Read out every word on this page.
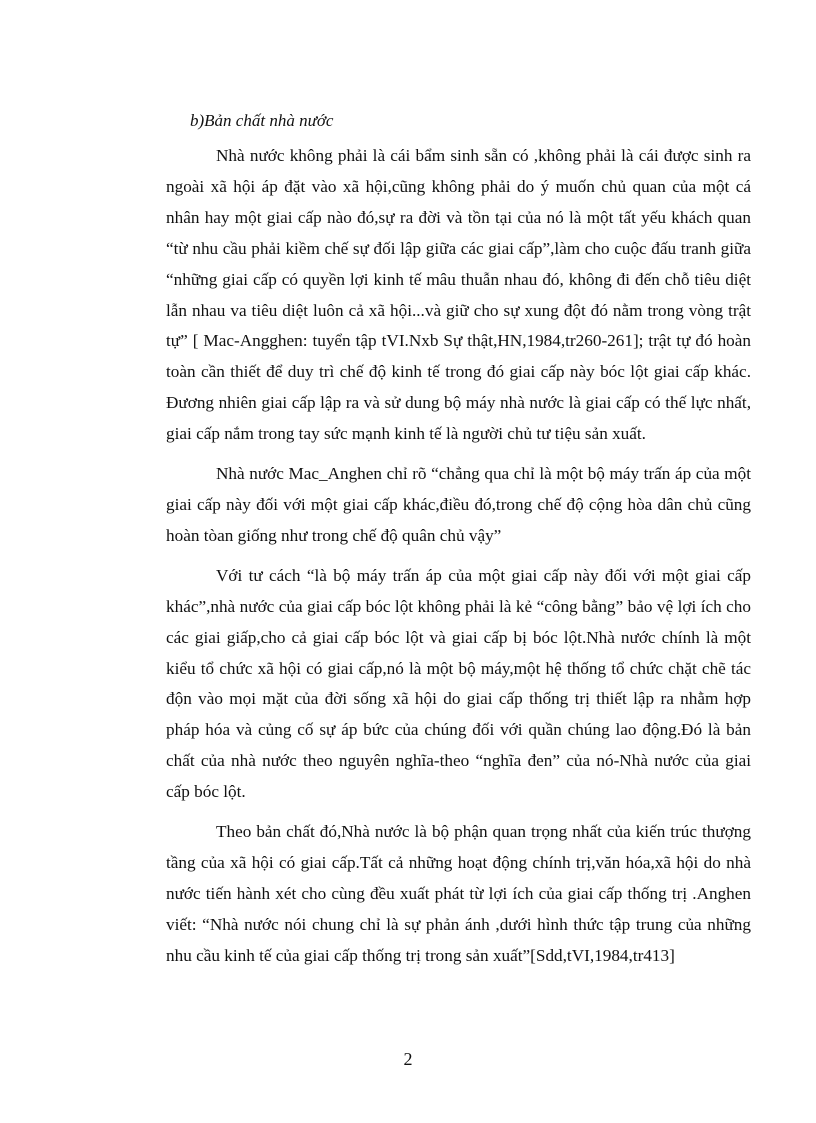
b)Bản chất nhà nước

Nhà nước không phải là cái bẩm sinh sẵn có ,không phải là cái được sinh ra ngoài xã hội áp đặt vào xã hội,cũng không phải do ý muốn chủ quan của một cá nhân hay một giai cấp nào đó,sự ra đời và tồn tại của nó là một tất yếu khách quan “từ nhu cầu phải kiềm chế sự đối lập giữa các giai cấp”,làm cho cuộc đấu tranh giữa “những giai cấp có quyền lợi kinh tế mâu thuẫn nhau đó, không đi đến chỗ tiêu diệt lẫn nhau va tiêu diệt luôn cả xã hội...và giữ cho sự xung đột đó nằm trong vòng trật tự” [ Mac-Angghen: tuyển tập tVI.Nxb Sự thật,HN,1984,tr260-261]; trật tự đó hoàn toàn cần thiết để duy trì chế độ kinh tế trong đó giai cấp này bóc lột giai cấp khác. Đương nhiên giai cấp lập ra và sử dung bộ máy nhà nước là giai cấp có thế lực nhất, giai cấp nắm trong tay sức mạnh kinh tế là người chủ tư tiệu sản xuất.

Nhà nước Mac_Anghen chỉ rõ “chẳng qua chỉ là một bộ máy trấn áp của một giai cấp này đối với một giai cấp khác,điều đó,trong chế độ cộng hòa dân chủ cũng hoàn tòan giống như trong chế độ quân chủ vậy”

Với tư cách “là bộ máy trấn áp của một giai cấp này đối với một giai cấp khác”,nhà nước của giai cấp bóc lột không phải là kẻ “công bằng” bảo vệ lợi ích cho các giai giấp,cho cả giai cấp bóc lột và giai cấp bị bóc lột.Nhà nước chính là một kiểu tổ chức xã hội có giai cấp,nó là một bộ máy,một hệ thống tổ chức chặt chẽ tác độn vào mọi mặt của đời sống xã hội do giai cấp thống trị thiết lập ra nhằm hợp pháp hóa và củng cố sự áp bức của chúng đối với quần chúng lao động.Đó là bản chất của nhà nước theo nguyên nghĩa-theo “nghĩa đen” của nó-Nhà nước của giai cấp bóc lột.

Theo bản chất đó,Nhà nước là bộ phận quan trọng nhất của kiến trúc thượng tầng của xã hội có giai cấp.Tất cả những hoạt động chính trị,văn hóa,xã hội do nhà nước tiến hành xét cho cùng đều xuất phát từ lợi ích của giai cấp thống trị .Anghen viết: “Nhà nước nói chung chỉ là sự phản ánh ,dưới hình thức tập trung của những nhu cầu kinh tế của giai cấp thống trị trong sản xuất”[Sdd,tVI,1984,tr413]

2
